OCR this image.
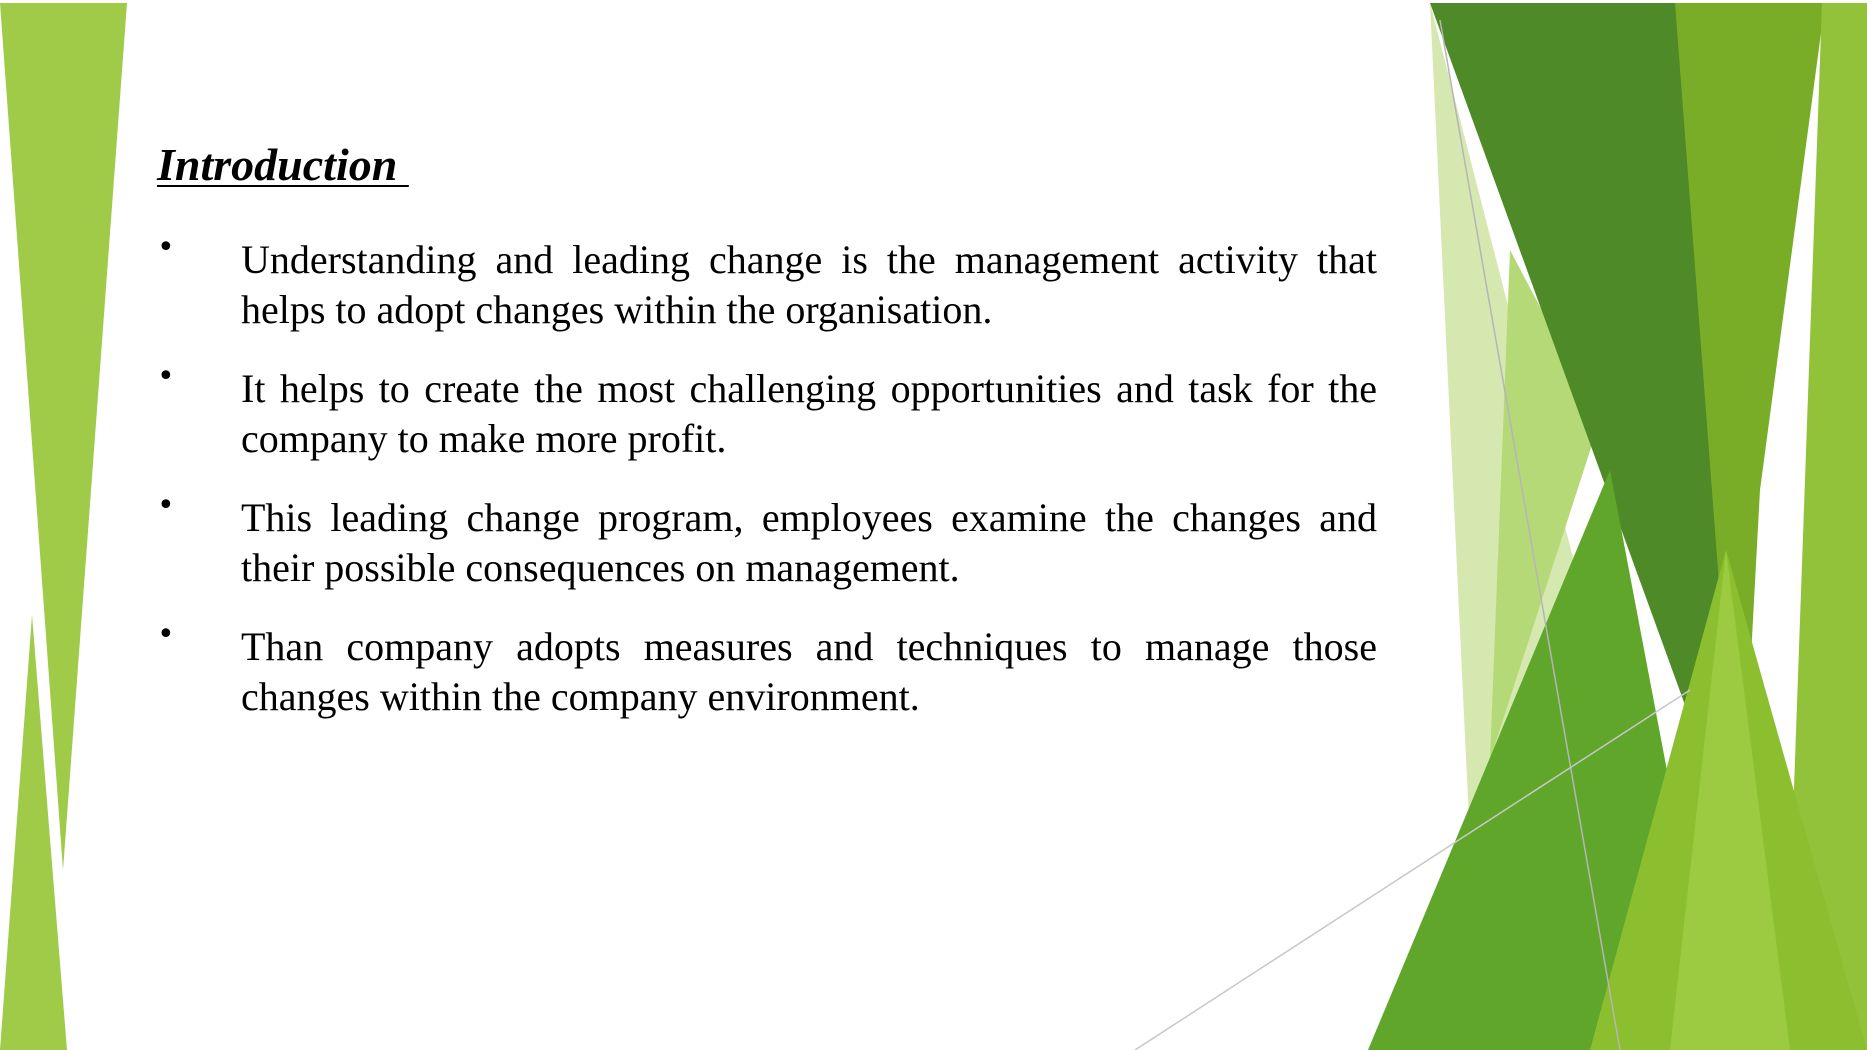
Introduction
• Understanding and leading change is the management activity that helps to adopt changes within the organisation.
• It helps to create the most challenging opportunities and task for the company to make more profit.
• This leading change program, employees examine the changes and their possible consequences on management.
• Than company adopts measures and techniques to manage those changes within the company environment.
